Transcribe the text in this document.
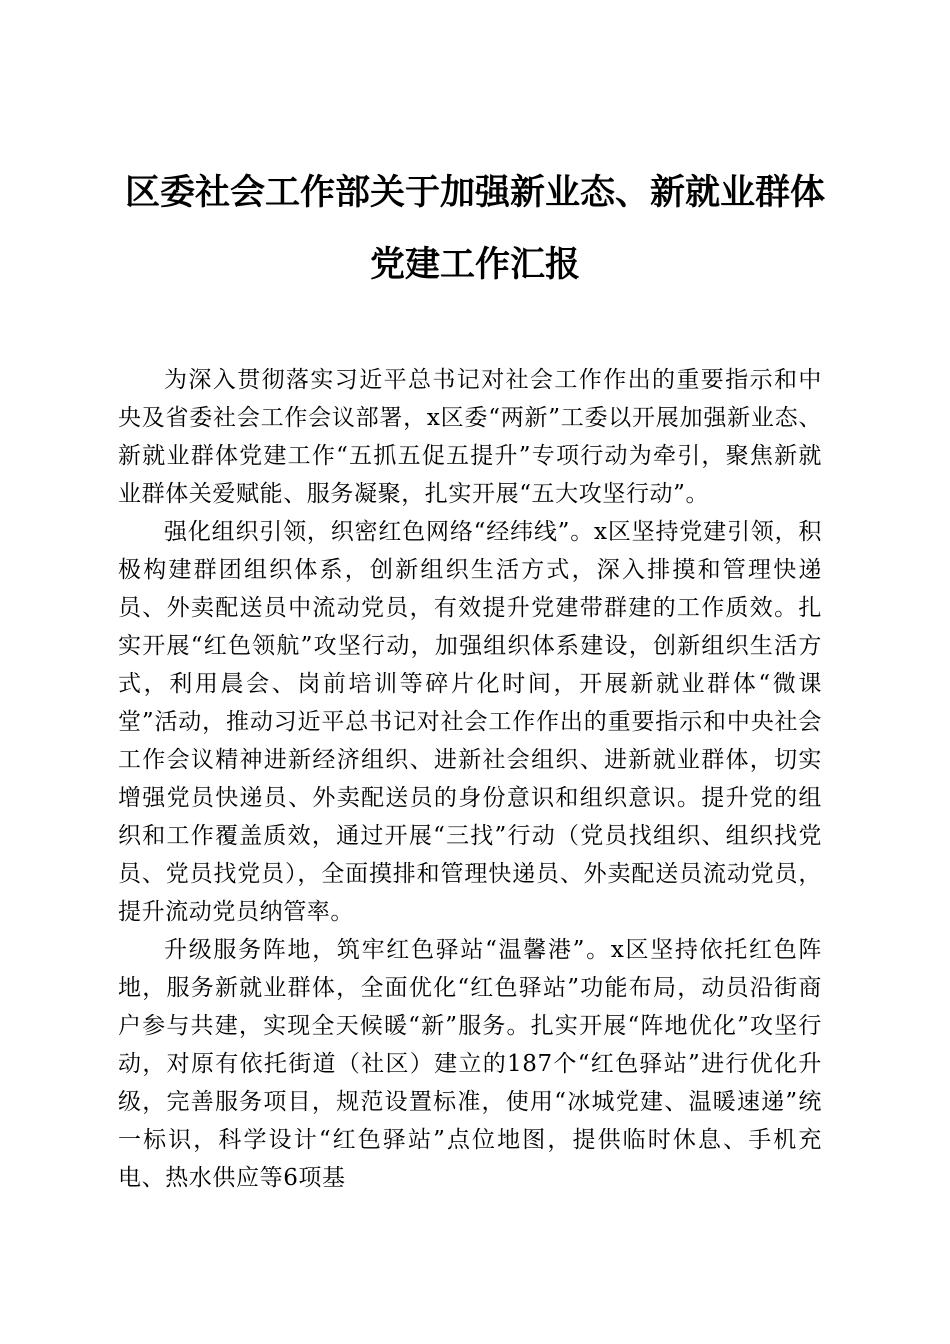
区委社会工作部关于加强新业态、新就业群体
党建工作汇报

为深入贯彻落实习近平总书记对社会工作作出的重要指示和中央及省委社会工作会议部署，x区委“两新”工委以开展加强新业态、新就业群体党建工作“五抓五促五提升”专项行动为牵引，聚焦新就业群体关爱赋能、服务凝聚，扎实开展“五大攻坚行动”。

强化组织引领，织密红色网络“经纬线”。x区坚持党建引领，积极构建群团组织体系，创新组织生活方式，深入排摸和管理快递员、外卖配送员中流动党员，有效提升党建带群建的工作质效。扎实开展“红色领航”攻坚行动，加强组织体系建设，创新组织生活方式，利用晨会、岗前培训等碎片化时间，开展新就业群体“微课堂”活动，推动习近平总书记对社会工作作出的重要指示和中央社会工作会议精神进新经济组织、进新社会组织、进新就业群体，切实增强党员快递员、外卖配送员的身份意识和组织意识。提升党的组织和工作覆盖质效，通过开展“三找”行动（党员找组织、组织找党员、党员找党员），全面摸排和管理快递员、外卖配送员流动党员，提升流动党员纳管率。

升级服务阵地，筑牢红色驿站“温馨港”。x区坚持依托红色阵地，服务新就业群体，全面优化“红色驿站”功能布局，动员沿街商户参与共建，实现全天候暖“新”服务。扎实开展“阵地优化”攻坚行动，对原有依托街道（社区）建立的187个“红色驿站”进行优化升级，完善服务项目，规范设置标准，使用“冰城党建、温暖速递”统一标识，科学设计“红色驿站”点位地图，提供临时休息、手机充电、热水供应等6项基
